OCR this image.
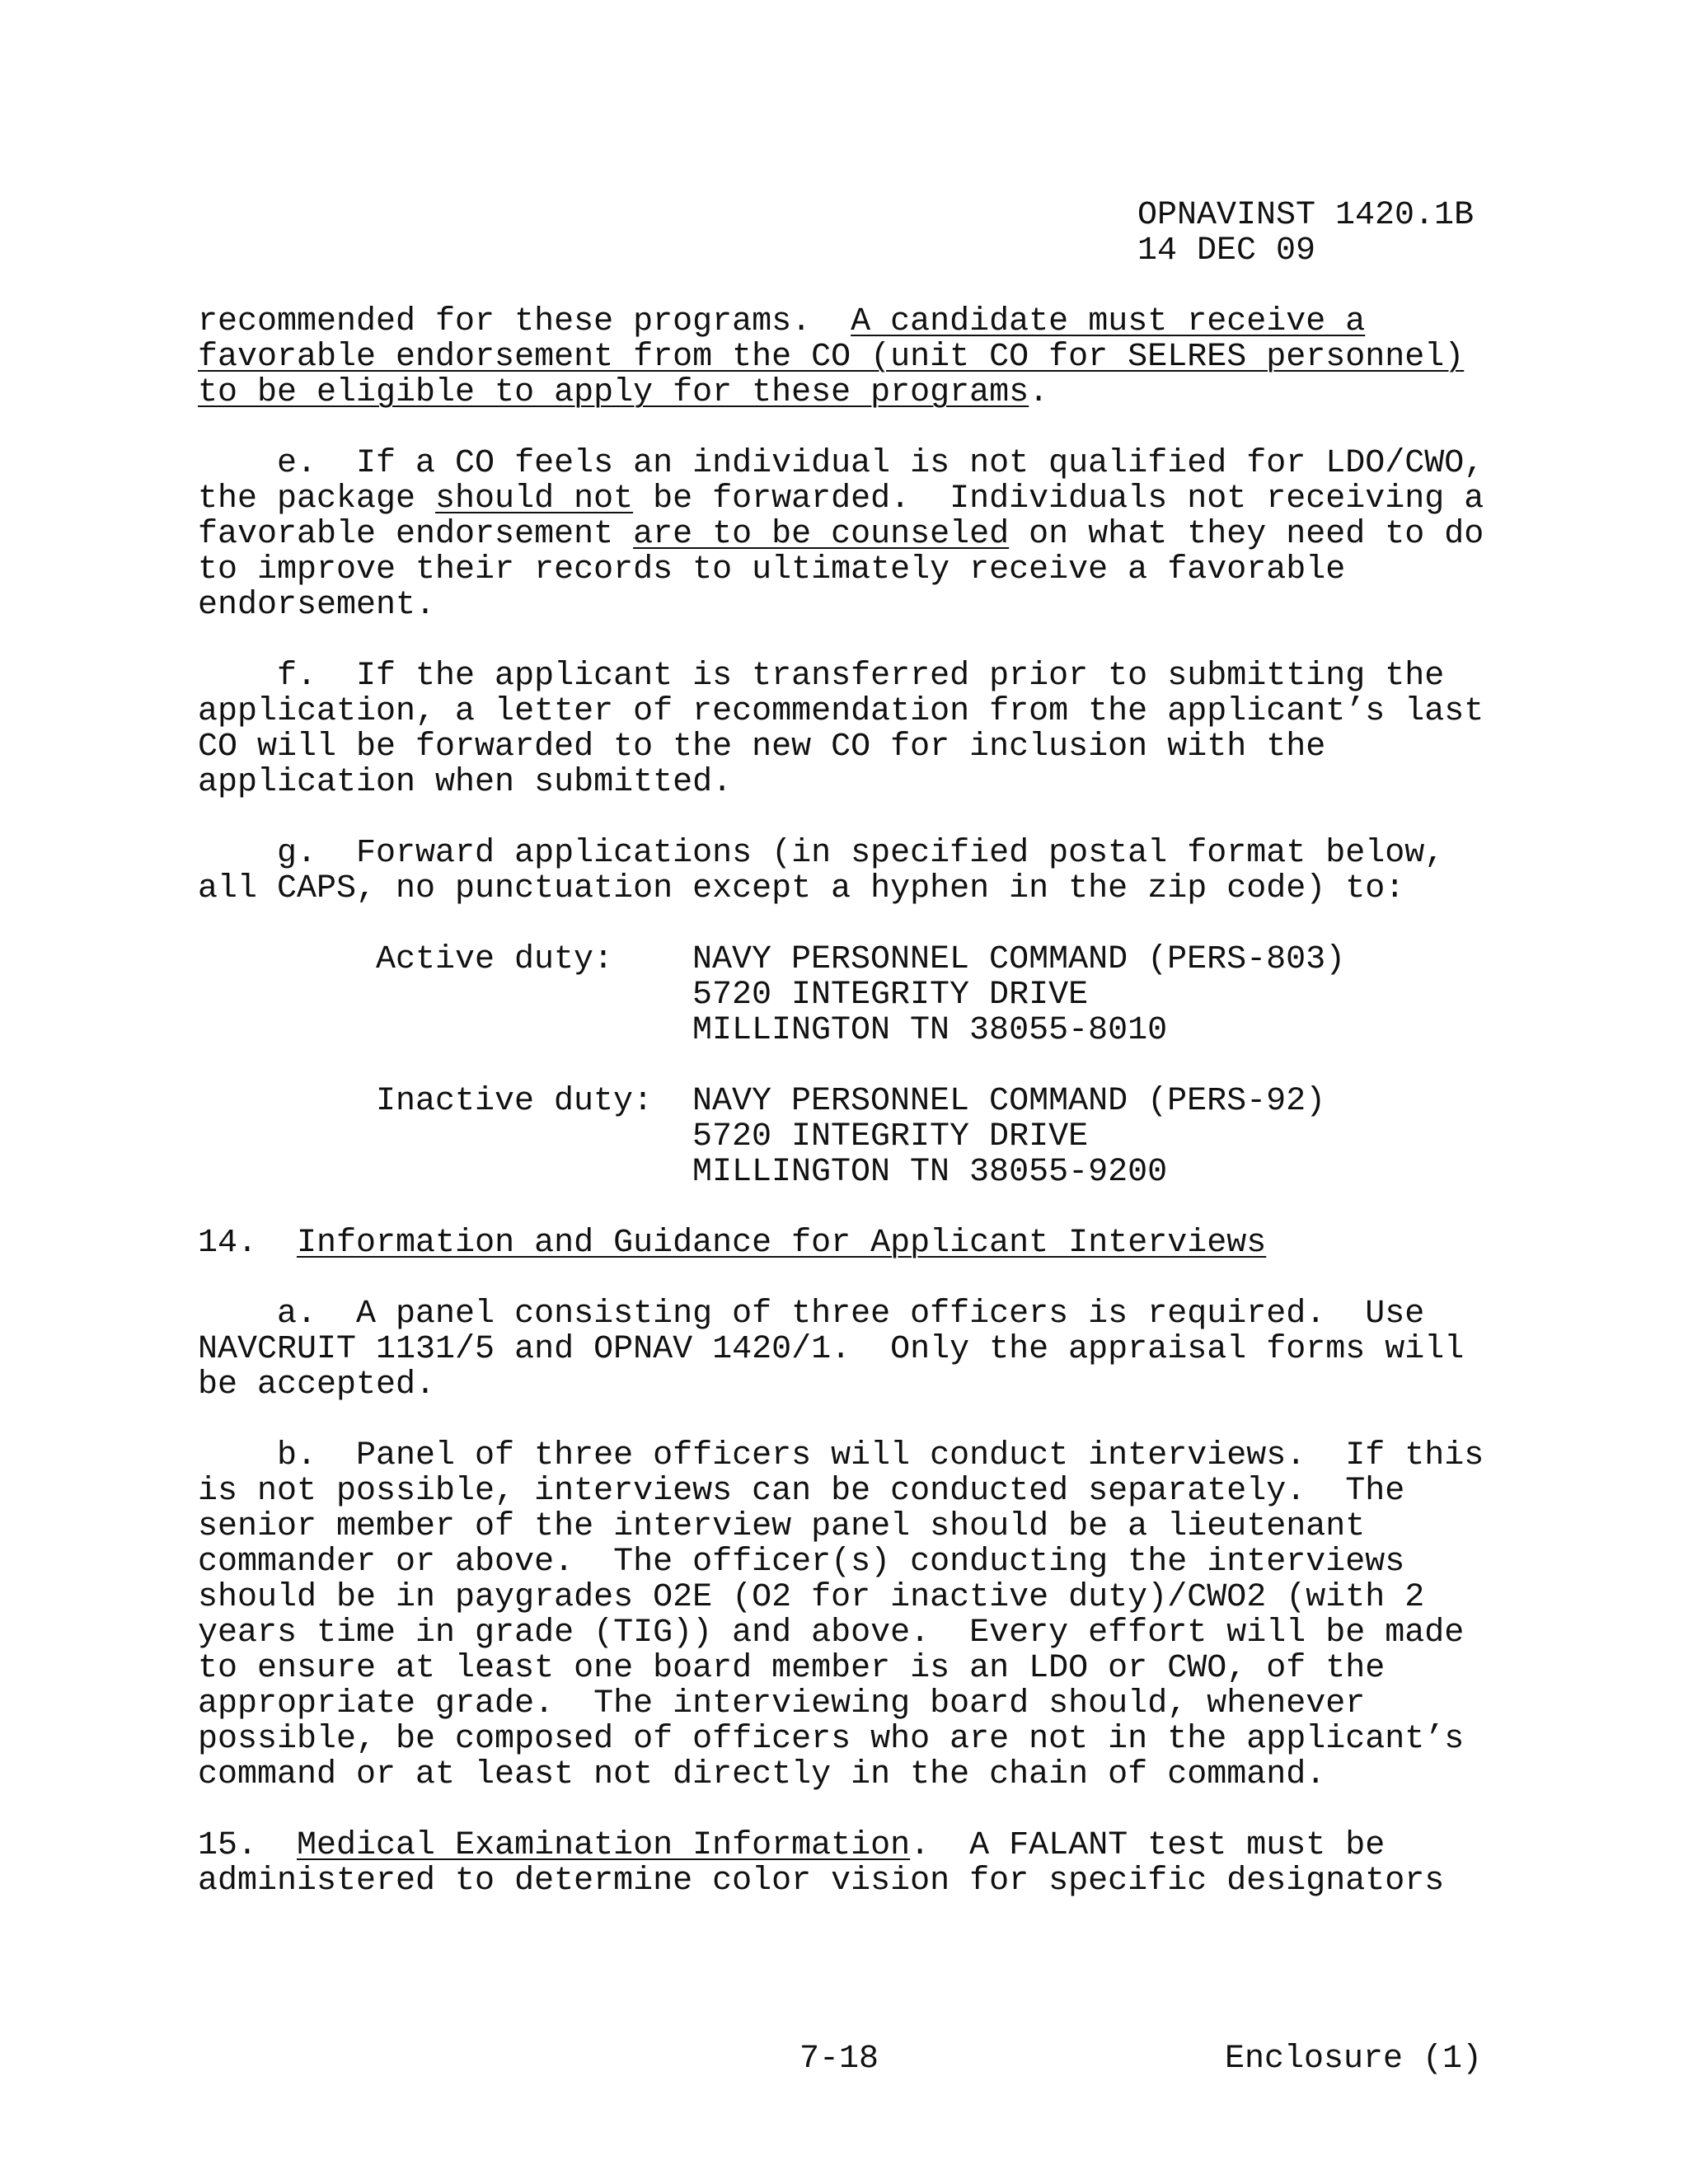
OPNAVINST 1420.1B
14 DEC 09
recommended for these programs.  A candidate must receive a
favorable endorsement from the CO (unit CO for SELRES personnel)
to be eligible to apply for these programs.
e.  If a CO feels an individual is not qualified for LDO/CWO,
the package should not be forwarded.  Individuals not receiving a
favorable endorsement are to be counseled on what they need to do
to improve their records to ultimately receive a favorable
endorsement.
f.  If the applicant is transferred prior to submitting the
application, a letter of recommendation from the applicant’s last
CO will be forwarded to the new CO for inclusion with the
application when submitted.
g.  Forward applications (in specified postal format below,
all CAPS, no punctuation except a hyphen in the zip code) to:
Active duty: NAVY PERSONNEL COMMAND (PERS-803)
5720 INTEGRITY DRIVE
MILLINGTON TN 38055-8010
Inactive duty: NAVY PERSONNEL COMMAND (PERS-92)
5720 INTEGRITY DRIVE
MILLINGTON TN 38055-9200
14.  Information and Guidance for Applicant Interviews
a.  A panel consisting of three officers is required.  Use
NAVCRUIT 1131/5 and OPNAV 1420/1.  Only the appraisal forms will
be accepted.
b.  Panel of three officers will conduct interviews.  If this
is not possible, interviews can be conducted separately.  The
senior member of the interview panel should be a lieutenant
commander or above.  The officer(s) conducting the interviews
should be in paygrades O2E (O2 for inactive duty)/CWO2 (with 2
years time in grade (TIG)) and above.  Every effort will be made
to ensure at least one board member is an LDO or CWO, of the
appropriate grade.  The interviewing board should, whenever
possible, be composed of officers who are not in the applicant’s
command or at least not directly in the chain of command.
15.  Medical Examination Information.  A FALANT test must be
administered to determine color vision for specific designators
7-18	Enclosure (1)
